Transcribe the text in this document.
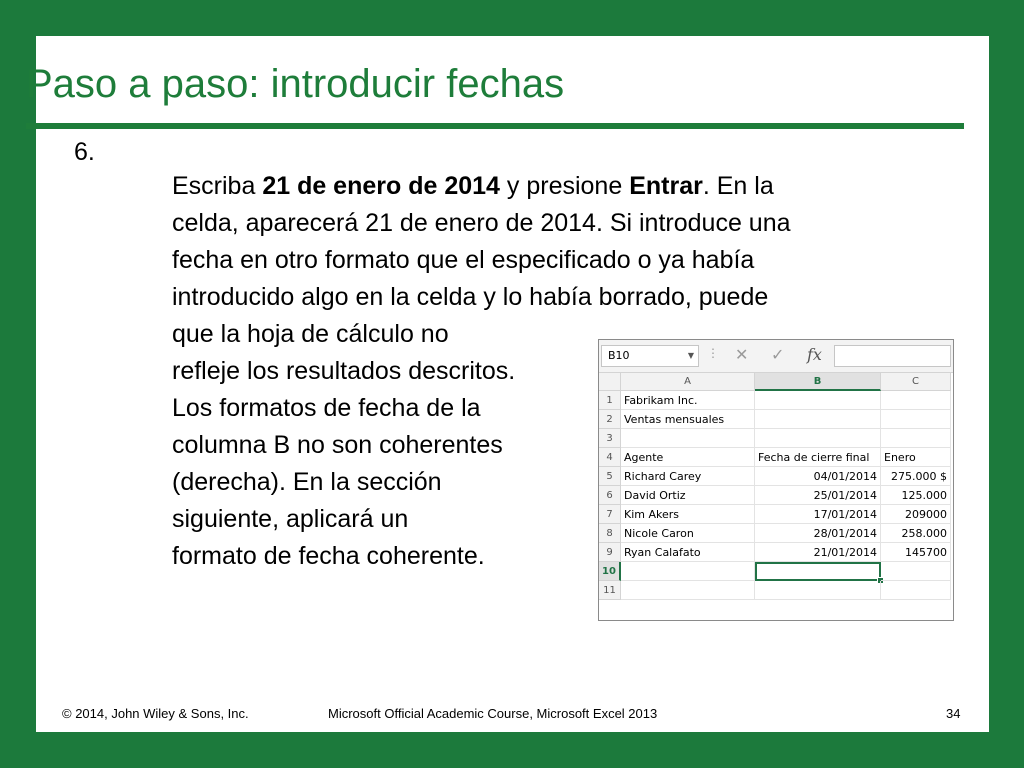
Paso a paso: introducir fechas
6.
Escriba 21 de enero de 2014 y presione Entrar. En la
celda, aparecerá 21 de enero de 2014. Si introduce una
fecha en otro formato que el especificado o ya había
introducido algo en la celda y lo había borrado, puede
que la hoja de cálculo no
refleje los resultados descritos.
Los formatos de fecha de la
columna B no son coherentes
(derecha). En la sección
siguiente, aplicará un
formato de fecha coherente.
B10	▼ ⋮ ✕ ✓ fx
A	B	C
1	Fabrikam Inc.
2	Ventas mensuales
3
4	Agente	Fecha de cierre final	Enero
5	Richard Carey	04/01/2014	275.000 $
6	David Ortiz	25/01/2014	125.000
7	Kim Akers	17/01/2014	209000
8	Nicole Caron	28/01/2014	258.000
9	Ryan Calafato	21/01/2014	145700
10
11
© 2014, John Wiley & Sons, Inc.	Microsoft Official Academic Course, Microsoft Excel 2013	34
